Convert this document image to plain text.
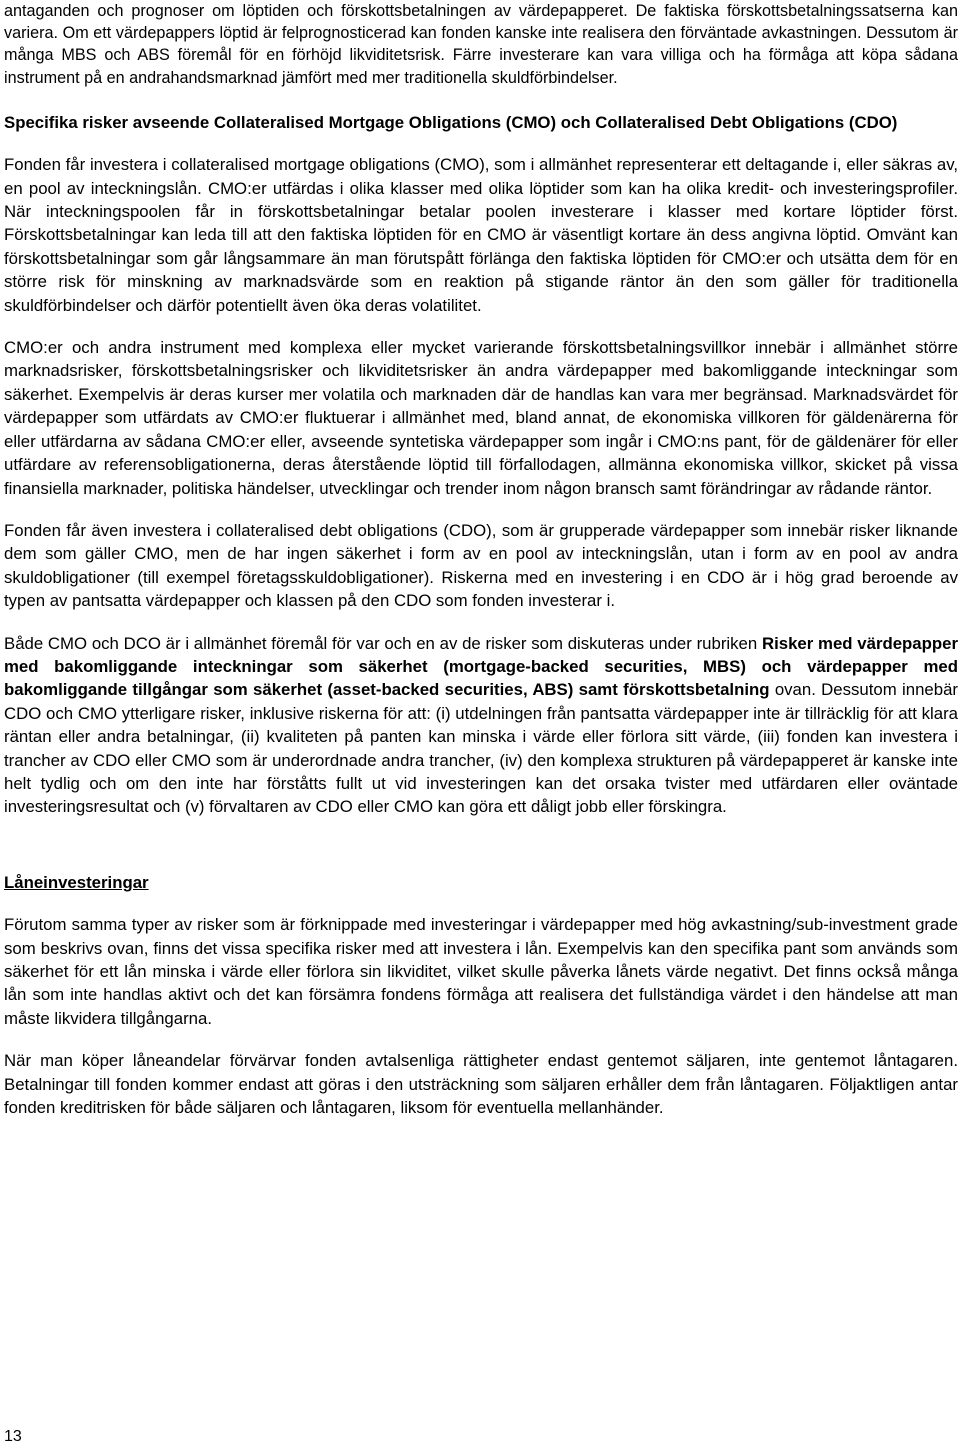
antaganden och prognoser om löptiden och förskottsbetalningen av värdepapperet. De faktiska förskottsbetalningssatserna kan variera. Om ett värdepappers löptid är felprognosticerad kan fonden kanske inte realisera den förväntade avkastningen. Dessutom är många MBS och ABS föremål för en förhöjd likviditetsrisk. Färre investerare kan vara villiga och ha förmåga att köpa sådana instrument på en andrahandsmarknad jämfört med mer traditionella skuldförbindelser.

Specifika risker avseende Collateralised Mortgage Obligations (CMO) och Collateralised Debt Obligations (CDO)

Fonden får investera i collateralised mortgage obligations (CMO), som i allmänhet representerar ett deltagande i, eller säkras av, en pool av inteckningslån. CMO:er utfärdas i olika klasser med olika löptider som kan ha olika kredit- och investeringsprofiler. När inteckningspoolen får in förskottsbetalningar betalar poolen investerare i klasser med kortare löptider först. Förskottsbetalningar kan leda till att den faktiska löptiden för en CMO är väsentligt kortare än dess angivna löptid. Omvänt kan förskottsbetalningar som går långsammare än man förutspått förlänga den faktiska löptiden för CMO:er och utsätta dem för en större risk för minskning av marknadsvärde som en reaktion på stigande räntor än den som gäller för traditionella skuldförbindelser och därför potentiellt även öka deras volatilitet.

CMO:er och andra instrument med komplexa eller mycket varierande förskottsbetalningsvillkor innebär i allmänhet större marknadsrisker, förskottsbetalningsrisker och likviditetsrisker än andra värdepapper med bakomliggande inteckningar som säkerhet. Exempelvis är deras kurser mer volatila och marknaden där de handlas kan vara mer begränsad. Marknadsvärdet för värdepapper som utfärdats av CMO:er fluktuerar i allmänhet med, bland annat, de ekonomiska villkoren för gäldenärerna för eller utfärdarna av sådana CMO:er eller, avseende syntetiska värdepapper som ingår i CMO:ns pant, för de gäldenärer för eller utfärdare av referensobligationerna, deras återstående löptid till förfallodagen, allmänna ekonomiska villkor, skicket på vissa finansiella marknader, politiska händelser, utvecklingar och trender inom någon bransch samt förändringar av rådande räntor.

Fonden får även investera i collateralised debt obligations (CDO), som är grupperade värdepapper som innebär risker liknande dem som gäller CMO, men de har ingen säkerhet i form av en pool av inteckningslån, utan i form av en pool av andra skuldobligationer (till exempel företagsskuldobligationer). Riskerna med en investering i en CDO är i hög grad beroende av typen av pantsatta värdepapper och klassen på den CDO som fonden investerar i.

Både CMO och DCO är i allmänhet föremål för var och en av de risker som diskuteras under rubriken Risker med värdepapper med bakomliggande inteckningar som säkerhet (mortgage-backed securities, MBS) och värdepapper med bakomliggande tillgångar som säkerhet (asset-backed securities, ABS) samt förskottsbetalning ovan. Dessutom innebär CDO och CMO ytterligare risker, inklusive riskerna för att: (i) utdelningen från pantsatta värdepapper inte är tillräcklig för att klara räntan eller andra betalningar, (ii) kvaliteten på panten kan minska i värde eller förlora sitt värde, (iii) fonden kan investera i trancher av CDO eller CMO som är underordnade andra trancher, (iv) den komplexa strukturen på värdepapperet är kanske inte helt tydlig och om den inte har förståtts fullt ut vid investeringen kan det orsaka tvister med utfärdaren eller oväntade investeringsresultat och (v) förvaltaren av CDO eller CMO kan göra ett dåligt jobb eller förskingra.

Låneinvesteringar

Förutom samma typer av risker som är förknippade med investeringar i värdepapper med hög avkastning/sub-investment grade som beskrivs ovan, finns det vissa specifika risker med att investera i lån. Exempelvis kan den specifika pant som används som säkerhet för ett lån minska i värde eller förlora sin likviditet, vilket skulle påverka lånets värde negativt. Det finns också många lån som inte handlas aktivt och det kan försämra fondens förmåga att realisera det fullständiga värdet i den händelse att man måste likvidera tillgångarna.

När man köper låneandelar förvärvar fonden avtalsenliga rättigheter endast gentemot säljaren, inte gentemot låntagaren. Betalningar till fonden kommer endast att göras i den utsträckning som säljaren erhåller dem från låntagaren. Följaktligen antar fonden kreditrisken för både säljaren och låntagaren, liksom för eventuella mellanhänder.

13
